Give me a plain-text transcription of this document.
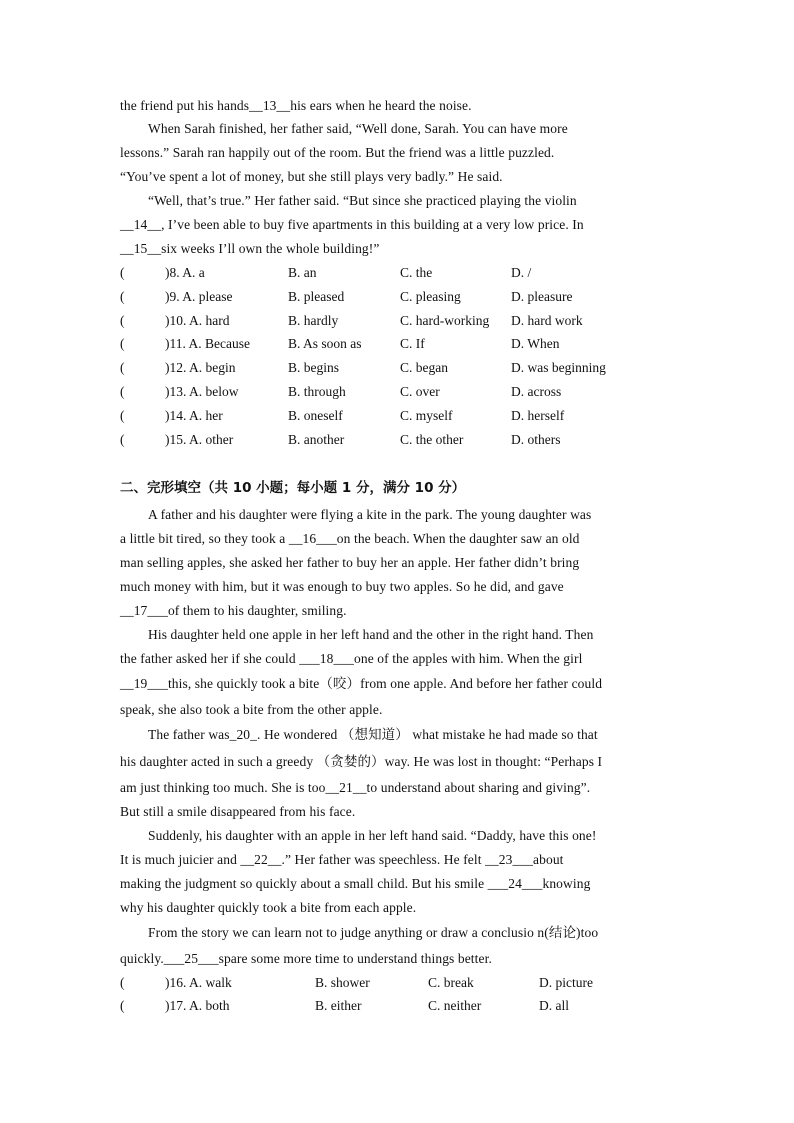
the friend put his hands__13__his ears when he heard the noise.
When Sarah finished, her father said, “Well done, Sarah. You can have more
lessons.” Sarah ran happily out of the room. But the friend was a little puzzled.
“You’ve spent a lot of money, but she still plays very badly.” He said.
“Well, that’s true.” Her father said. “But since she practiced playing the violin
__14__, I’ve been able to buy five apartments in this building at a very low price. In
__15__six weeks I’ll own the whole building!”
(	)8. A. a	B. an	C. the	D. /
(	)9. A. please	B. pleased	C. pleasing	D. pleasure
(	)10. A. hard	B. hardly	C. hard-working D. hard work
(	)11. A. Because	B. As soon as	C. If	D. When
(	)12. A. begin	B. begins	C. began	D. was beginning
(	)13. A. below	B. through	C. over	D. across
(	)14. A. her	B. oneself	C. myself	D. herself
(	)15. A. other	B. another	C. the other	D. others
二、完形填空（共 10 小题；每小题 1 分，满分 10 分）
A father and his daughter were flying a kite in the park. The young daughter was
a little bit tired, so they took a __16___on the beach. When the daughter saw an old
man selling apples, she asked her father to buy her an apple. Her father didn’t bring
much money with him, but it was enough to buy two apples. So he did, and gave
__17___of them to his daughter, smiling.
His daughter held one apple in her left hand and the other in the right hand. Then
the father asked her if she could ___18___one of the apples with him. When the girl
__19___this, she quickly took a bite（咬）from one apple. And before her father could
speak, she also took a bite from the other apple.
The father was_20_. He wondered （想知道） what mistake he had made so that
his daughter acted in such a greedy （贪婪的）way. He was lost in thought: “Perhaps I
am just thinking too much. She is too__21__to understand about sharing and giving”.
But still a smile disappeared from his face.
Suddenly, his daughter with an apple in her left hand said. “Daddy, have this one!
It is much juicier and __22__.” Her father was speechless. He felt __23___about
making the judgment so quickly about a small child. But his smile ___24___knowing
why his daughter quickly took a bite from each apple.
From the story we can learn not to judge anything or draw a conclusio n(结论)too
quickly.___25___spare some more time to understand things better.
(	)16. A. walk	B. shower	C. break	D. picture
(	)17. A. both	B. either	C. neither	D. all
